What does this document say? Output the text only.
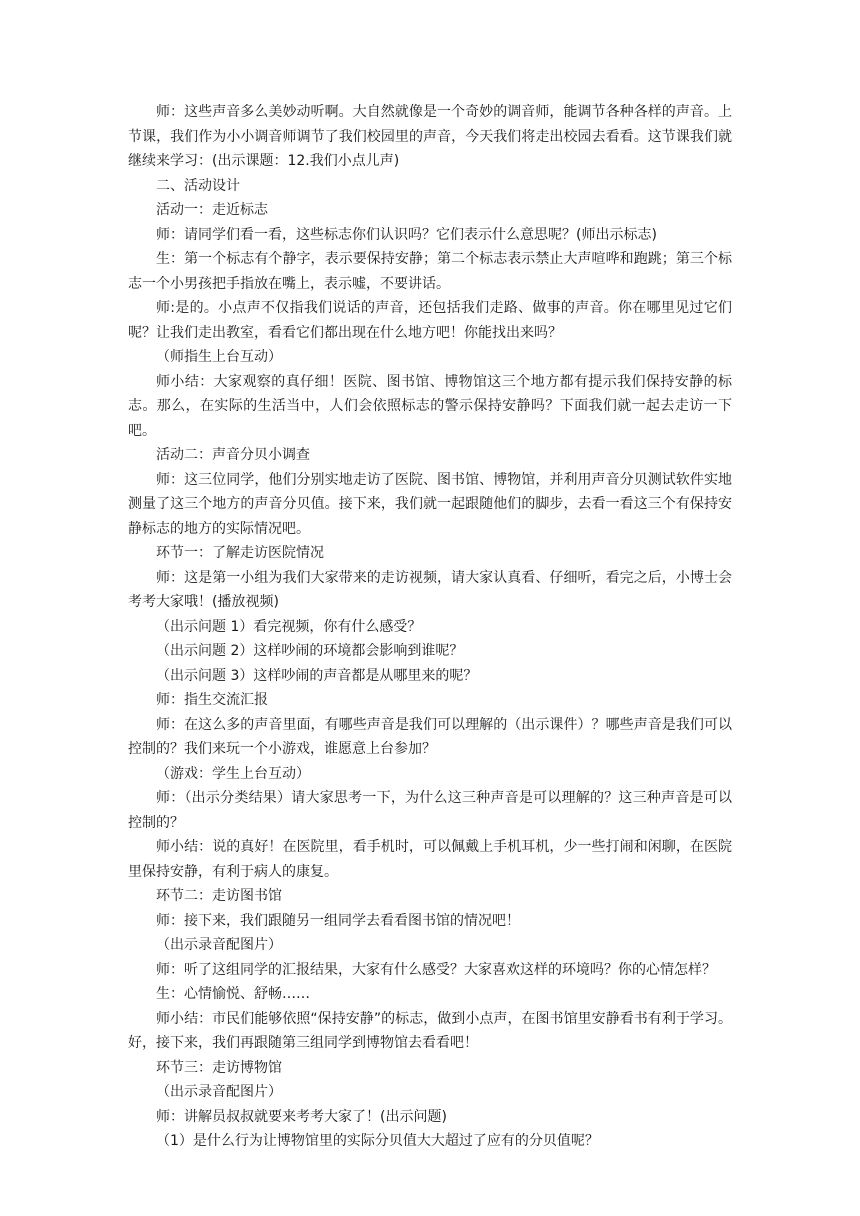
师：这些声音多么美妙动听啊。大自然就像是一个奇妙的调音师，能调节各种各样的声音。上节课，我们作为小小调音师调节了我们校园里的声音，今天我们将走出校园去看看。这节课我们就继续来学习：(出示课题：12.我们小点儿声)

二、活动设计

活动一：走近标志

师：请同学们看一看，这些标志你们认识吗？它们表示什么意思呢？(师出示标志)

生：第一个标志有个静字，表示要保持安静；第二个标志表示禁止大声喧哗和跑跳；第三个标志一个小男孩把手指放在嘴上，表示嘘，不要讲话。

师:是的。小点声不仅指我们说话的声音，还包括我们走路、做事的声音。你在哪里见过它们呢？让我们走出教室，看看它们都出现在什么地方吧！你能找出来吗？

（师指生上台互动）

师小结：大家观察的真仔细！医院、图书馆、博物馆这三个地方都有提示我们保持安静的标志。那么，在实际的生活当中，人们会依照标志的警示保持安静吗？下面我们就一起去走访一下吧。

活动二：声音分贝小调查

师：这三位同学，他们分别实地走访了医院、图书馆、博物馆，并利用声音分贝测试软件实地测量了这三个地方的声音分贝值。接下来，我们就一起跟随他们的脚步，去看一看这三个有保持安静标志的地方的实际情况吧。

环节一：了解走访医院情况

师：这是第一小组为我们大家带来的走访视频，请大家认真看、仔细听，看完之后，小博士会考考大家哦！(播放视频)

（出示问题 1）看完视频，你有什么感受？

（出示问题 2）这样吵闹的环境都会影响到谁呢？

（出示问题 3）这样吵闹的声音都是从哪里来的呢？

师：指生交流汇报

师：在这么多的声音里面，有哪些声音是我们可以理解的（出示课件）？哪些声音是我们可以控制的？我们来玩一个小游戏，谁愿意上台参加？

（游戏：学生上台互动）

师：（出示分类结果）请大家思考一下，为什么这三种声音是可以理解的？这三种声音是可以控制的？

师小结：说的真好！在医院里，看手机时，可以佩戴上手机耳机，少一些打闹和闲聊，在医院里保持安静，有利于病人的康复。

环节二：走访图书馆

师：接下来，我们跟随另一组同学去看看图书馆的情况吧！

（出示录音配图片）

师：听了这组同学的汇报结果，大家有什么感受？大家喜欢这样的环境吗？你的心情怎样？

生：心情愉悦、舒畅……

师小结：市民们能够依照“保持安静”的标志，做到小点声，在图书馆里安静看书有利于学习。好，接下来，我们再跟随第三组同学到博物馆去看看吧！

环节三：走访博物馆

（出示录音配图片）

师：讲解员叔叔就要来考考大家了！(出示问题)

（1）是什么行为让博物馆里的实际分贝值大大超过了应有的分贝值呢？
